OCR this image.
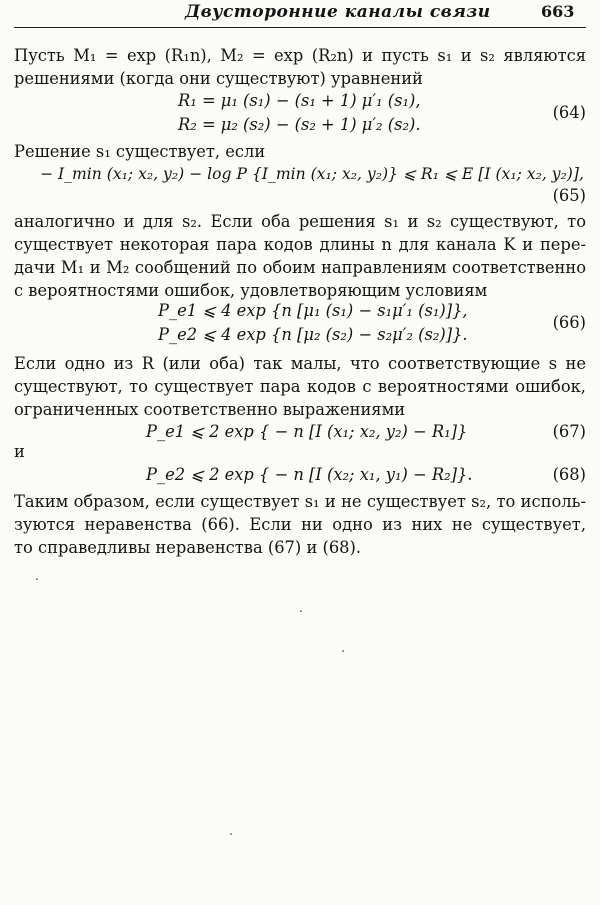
Двусторонние каналы связи	663
Пусть M₁ = exp (R₁n), M₂ = exp (R₂n) и пусть s₁ и s₂ являются
решениями (когда они существуют) уравнений
R₁ = μ₁ (s₁) − (s₁ + 1) μ′₁ (s₁),
R₂ = μ₂ (s₂) − (s₂ + 1) μ′₂ (s₂).
(64)
Решение s₁ существует, если
− I_min (x₁; x₂, y₂) − log P {I_min (x₁; x₂, y₂)} ⩽ R₁ ⩽ E [I (x₁; x₂, y₂)],
(65)
аналогично и для s₂. Если оба решения s₁ и s₂ существуют, то
существует некоторая пара кодов длины n для канала K и пере-
дачи M₁ и M₂ сообщений по обоим направлениям соответственно
с вероятностями ошибок, удовлетворяющим условиям
P_e1 ⩽ 4 exp {n [μ₁ (s₁) − s₁μ′₁ (s₁)]},
P_e2 ⩽ 4 exp {n [μ₂ (s₂) − s₂μ′₂ (s₂)]}.
(66)
Если одно из R (или оба) так малы, что соответствующие s не
существуют, то существует пара кодов с вероятностями ошибок,
ограниченных соответственно выражениями
P_e1 ⩽ 2 exp { − n [I (x₁; x₂, y₂) − R₁]}	(67)
и
P_e2 ⩽ 2 exp { − n [I (x₂; x₁, y₁) − R₂]}.	(68)
Таким образом, если существует s₁ и не существует s₂, то исполь-
зуются неравенства (66). Если ни одно из них не существует,
то справедливы неравенства (67) и (68).
